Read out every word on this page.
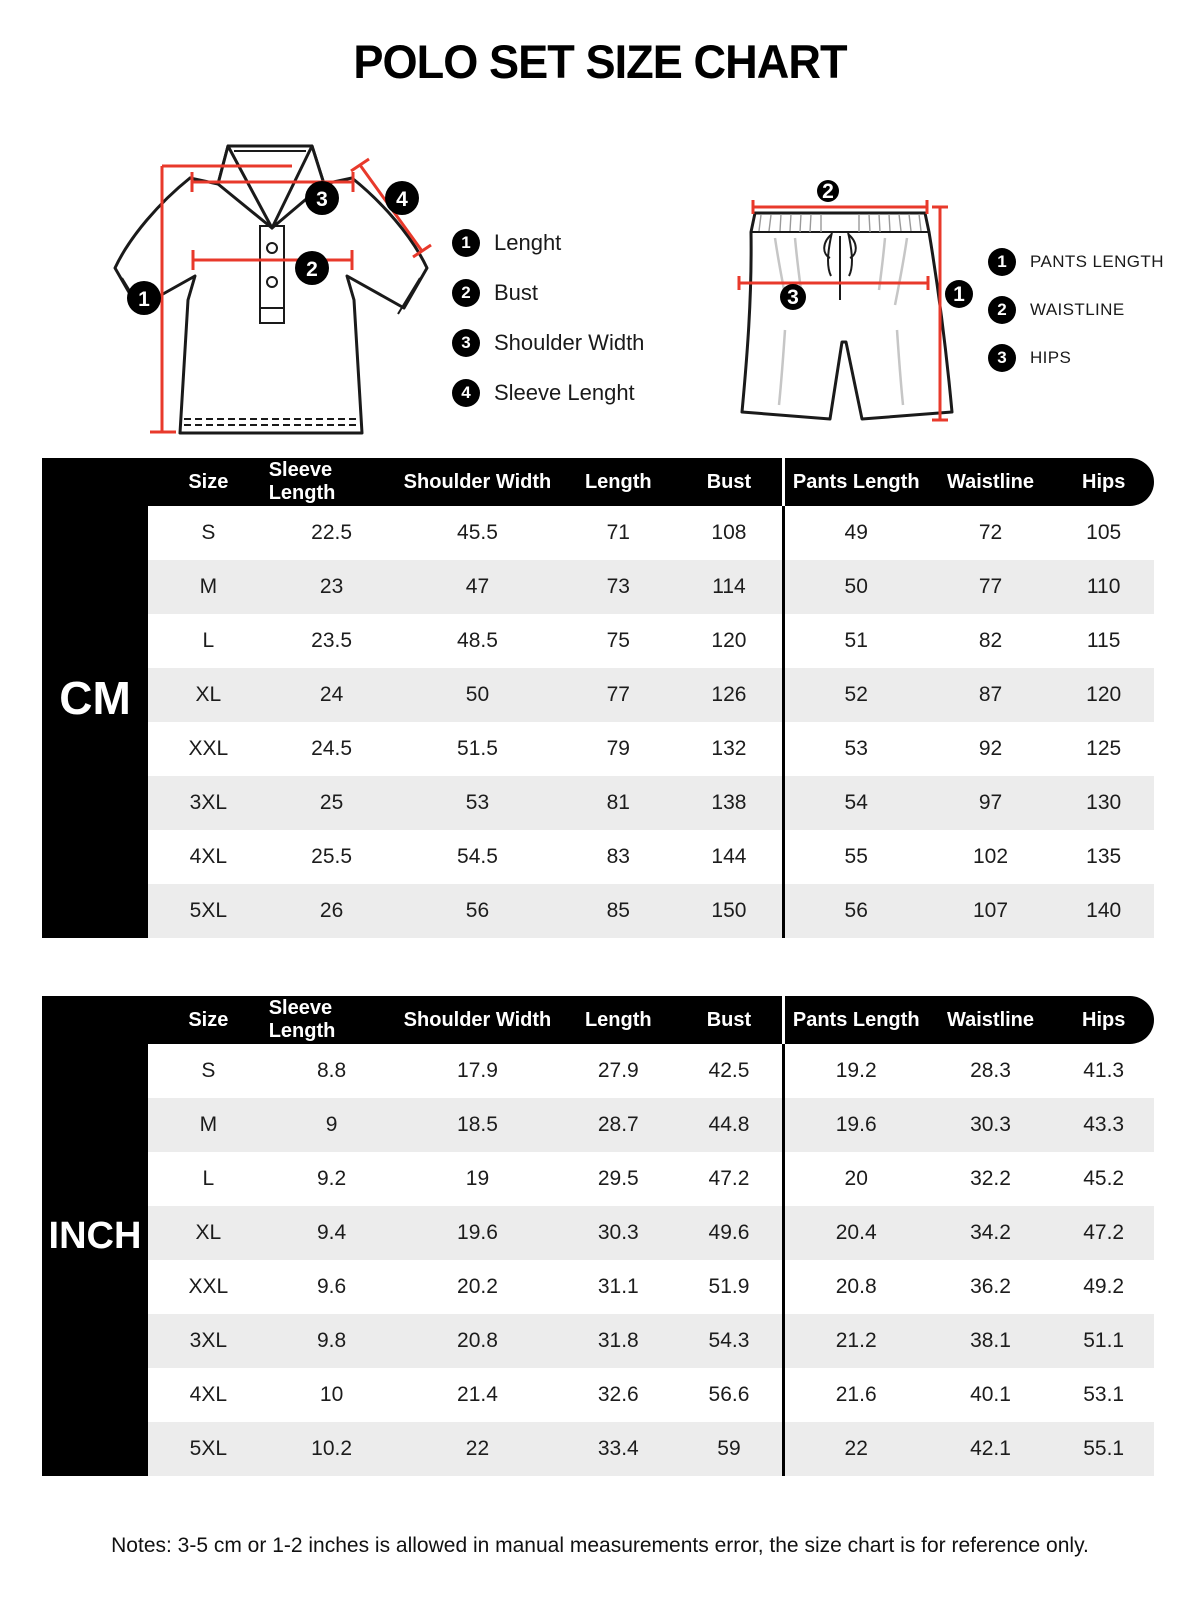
POLO SET SIZE CHART
1
2
3	4
1	Lenght
2	Bust
3	Shoulder Width
4	Sleeve Lenght
2
3	1
1	PANTS LENGTH
2	WAISTLINE
3	HIPS
CM
Size
Sleeve Length
Shoulder Width	Length	Bust	Pants Length	Waistline	Hips
S	22.5	45.5	71	108	49	72	105
M	23	47	73	114	50	77	110
L	23.5	48.5	75	120	51	82	115
XL	24	50	77	126	52	87	120
XXL	24.5	51.5	79	132	53	92	125
3XL	25	53	81	138	54	97	130
4XL	25.5	54.5	83	144	55	102	135
5XL	26	56	85	150	56	107	140
INCH
Size
Sleeve Length
Shoulder Width	Length	Bust	Pants Length	Waistline	Hips
S	8.8	17.9	27.9	42.5	19.2	28.3	41.3
M	9	18.5	28.7	44.8	19.6	30.3	43.3
L	9.2	19	29.5	47.2	20	32.2	45.2
XL	9.4	19.6	30.3	49.6	20.4	34.2	47.2
XXL	9.6	20.2	31.1	51.9	20.8	36.2	49.2
3XL	9.8	20.8	31.8	54.3	21.2	38.1	51.1
4XL	10	21.4	32.6	56.6	21.6	40.1	53.1
5XL	10.2	22	33.4	59	22	42.1	55.1
Notes: 3-5 cm or 1-2 inches is allowed in manual measurements error, the size chart is for reference only.
